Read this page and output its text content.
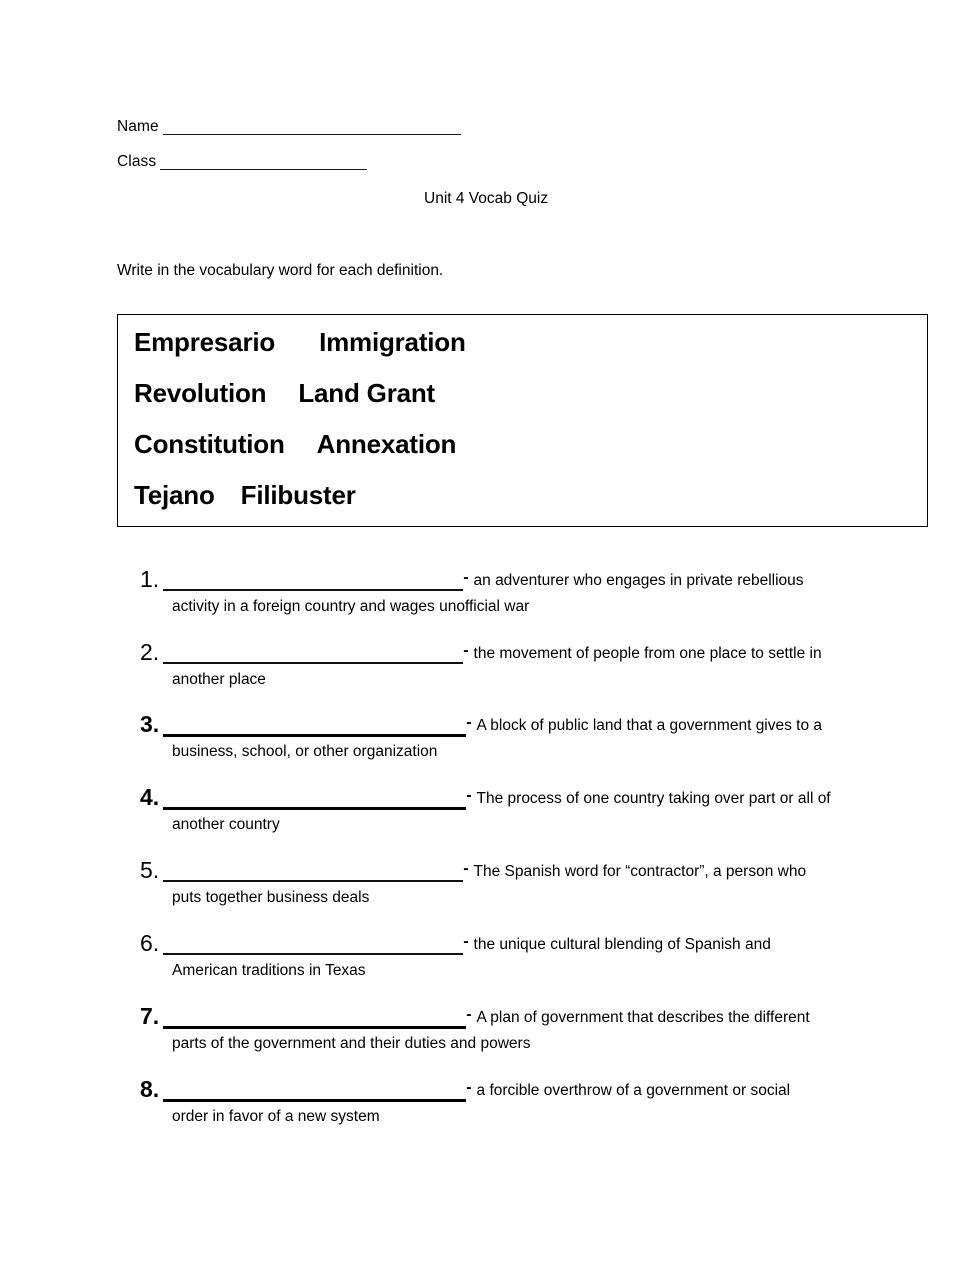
Name
Class
Unit 4 Vocab Quiz
Write in the vocabulary word for each definition.
Empresario Immigration
Revolution Land Grant
Constitution Annexation
Tejano Filibuster
1.	- an adventurer who engages in private rebellious
activity in a foreign country and wages unofficial war
2.	- the movement of people from one place to settle in
another place
3.	- A block of public land that a government gives to a
business, school, or other organization
4.	- The process of one country taking over part or all of
another country
5.	- The Spanish word for “contractor”, a person who
puts together business deals
6.	- the unique cultural blending of Spanish and
American traditions in Texas
7.	- A plan of government that describes the different
parts of the government and their duties and powers
8.	- a forcible overthrow of a government or social
order in favor of a new system
